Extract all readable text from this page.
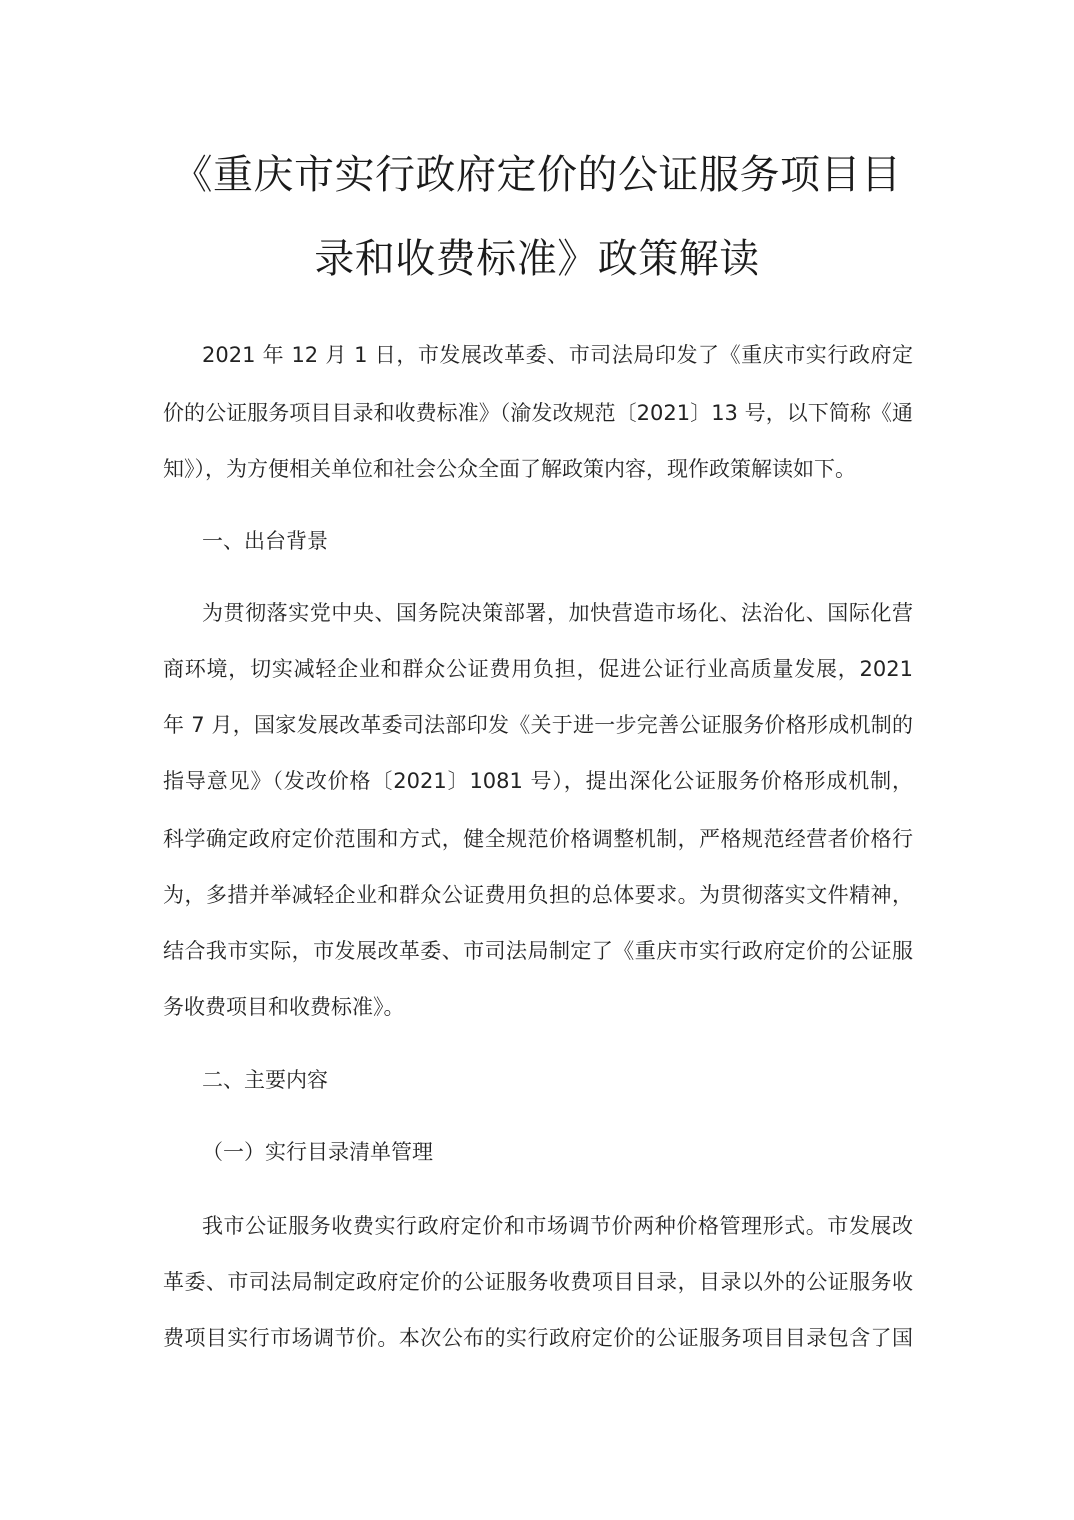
《重庆市实行政府定价的公证服务项目目
录和收费标准》政策解读
2021 年 12 月 1 日，市发展改革委、市司法局印发了《重庆市实行政府定
价的公证服务项目目录和收费标准》（渝发改规范〔2021〕13 号，以下简称《通
知》），为方便相关单位和社会公众全面了解政策内容，现作政策解读如下。
一、出台背景
为贯彻落实党中央、国务院决策部署，加快营造市场化、法治化、国际化营
商环境，切实减轻企业和群众公证费用负担，促进公证行业高质量发展，2021
年 7 月，国家发展改革委司法部印发《关于进一步完善公证服务价格形成机制的
指导意见》（发改价格〔2021〕1081 号），提出深化公证服务价格形成机制，
科学确定政府定价范围和方式，健全规范价格调整机制，严格规范经营者价格行
为，多措并举减轻企业和群众公证费用负担的总体要求。为贯彻落实文件精神，
结合我市实际，市发展改革委、市司法局制定了《重庆市实行政府定价的公证服
务收费项目和收费标准》。
二、主要内容
（一）实行目录清单管理
我市公证服务收费实行政府定价和市场调节价两种价格管理形式。市发展改
革委、市司法局制定政府定价的公证服务收费项目目录，目录以外的公证服务收
费项目实行市场调节价。本次公布的实行政府定价的公证服务项目目录包含了国
